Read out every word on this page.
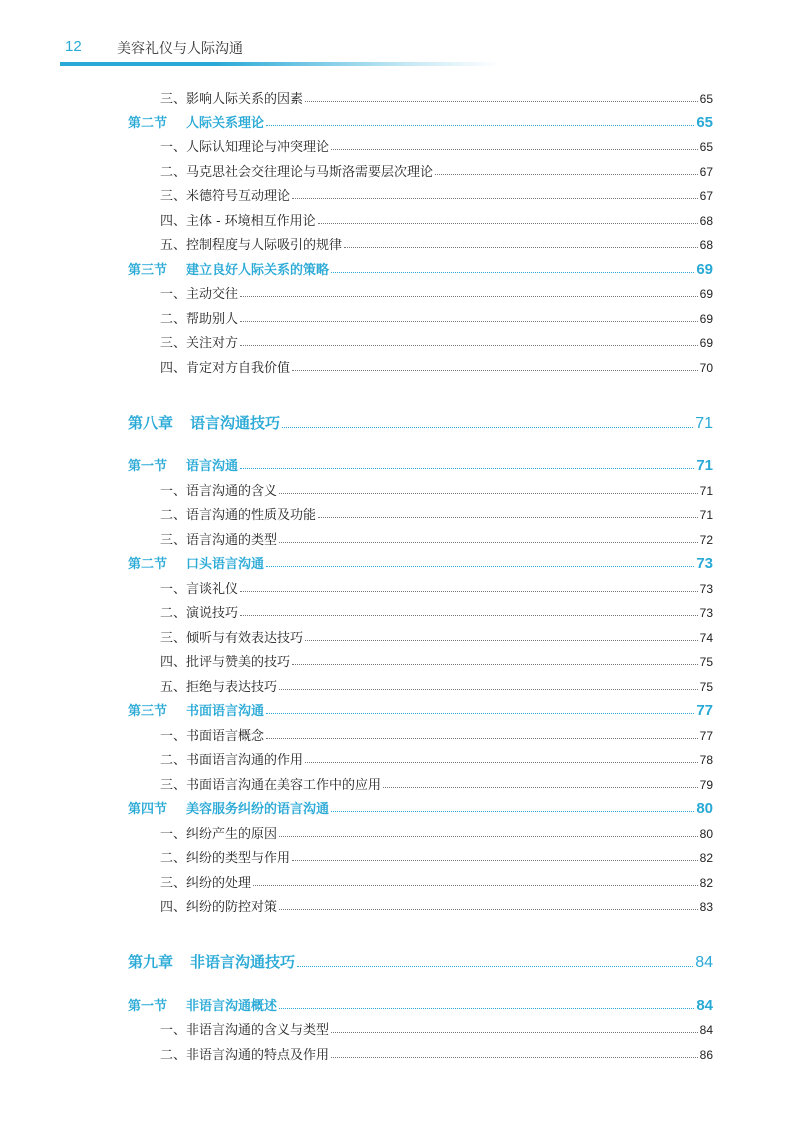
12	美容礼仪与人际沟通
三、影响人际关系的因素	65
第二节 人际关系理论	65
一、人际认知理论与冲突理论	65
二、马克思社会交往理论与马斯洛需要层次理论	67
三、米德符号互动理论	67
四、主体 - 环境相互作用论	68
五、控制程度与人际吸引的规律	68
第三节 建立良好人际关系的策略	69
一、主动交往	69
二、帮助别人	69
三、关注对方	69
四、肯定对方自我价值	70
第八章 语言沟通技巧	71
第一节 语言沟通	71
一、语言沟通的含义	71
二、语言沟通的性质及功能	71
三、语言沟通的类型	72
第二节 口头语言沟通	73
一、言谈礼仪	73
二、演说技巧	73
三、倾听与有效表达技巧	74
四、批评与赞美的技巧	75
五、拒绝与表达技巧	75
第三节 书面语言沟通	77
一、书面语言概念	77
二、书面语言沟通的作用	78
三、书面语言沟通在美容工作中的应用	79
第四节 美容服务纠纷的语言沟通	80
一、纠纷产生的原因	80
二、纠纷的类型与作用	82
三、纠纷的处理	82
四、纠纷的防控对策	83
第九章 非语言沟通技巧	84
第一节 非语言沟通概述	84
一、非语言沟通的含义与类型	84
二、非语言沟通的特点及作用	86
